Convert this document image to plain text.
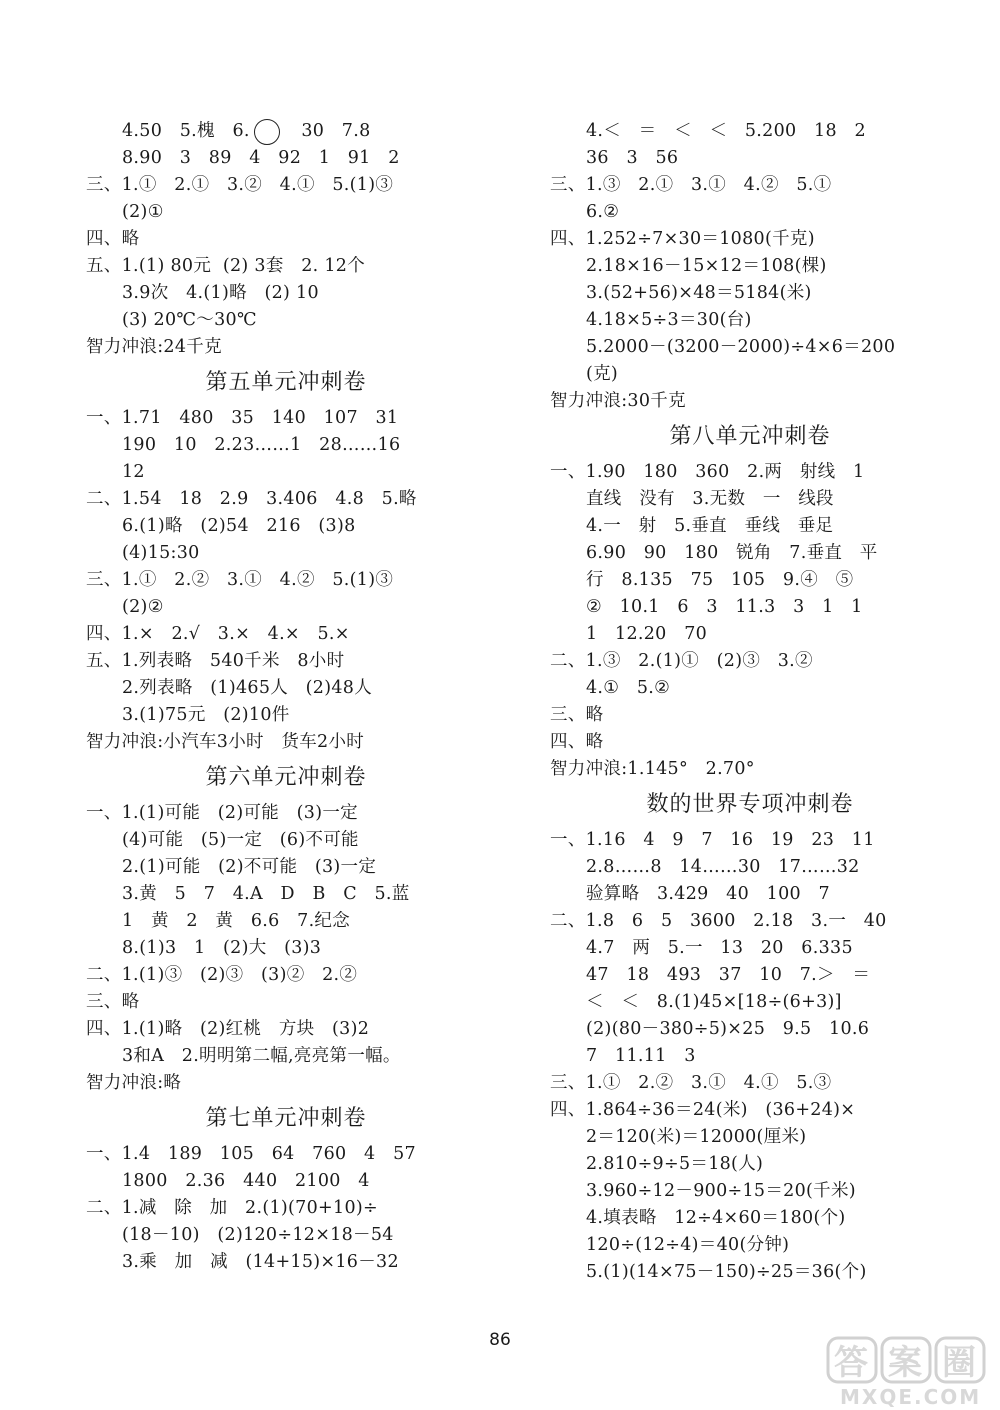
4.50   5.槐   6.   30   7.8
8.90   3   89   4   92   1   91   2
三、1.①   2.①   3.②   4.①   5.(1)③
(2)①
四、略
五、1.(1) 80元  (2) 3套   2. 12个
3.9次   4.(1)略   (2) 10
(3) 20℃～30℃
智力冲浪:24千克
第五单元冲刺卷
一、1.71   480   35   140   107   31
190   10   2.23……1   28……16
12
二、1.54   18   2.9   3.406   4.8   5.略
6.(1)略   (2)54   216   (3)8
(4)15:30
三、1.①   2.②   3.①   4.②   5.(1)③
(2)②
四、1.×   2.√   3.×   4.×   5.×
五、1.列表略   540千米   8小时
2.列表略   (1)465人   (2)48人
3.(1)75元   (2)10件
智力冲浪:小汽车3小时   货车2小时
第六单元冲刺卷
一、1.(1)可能   (2)可能   (3)一定
(4)可能   (5)一定   (6)不可能
2.(1)可能   (2)不可能   (3)一定
3.黄   5   7   4.A   D   B   C   5.蓝
1   黄   2   黄   6.6   7.纪念
8.(1)3   1   (2)大   (3)3
二、1.(1)③   (2)③   (3)②   2.②
三、略
四、1.(1)略   (2)红桃   方块   (3)2
3和A   2.明明第二幅,亮亮第一幅。
智力冲浪:略
第七单元冲刺卷
一、1.4   189   105   64   760   4   57
1800   2.36   440   2100   4
二、1.减   除   加   2.(1)(70+10)÷
(18－10)   (2)120÷12×18－54
3.乘   加   减   (14+15)×16－32
4.＜   ＝   ＜   ＜   5.200   18   2
36   3   56
三、1.③   2.①   3.①   4.②   5.①
6.②
四、1.252÷7×30＝1080(千克)
2.18×16－15×12＝108(棵)
3.(52+56)×48＝5184(米)
4.18×5÷3＝30(台)
5.2000－(3200－2000)÷4×6＝200
(克)
智力冲浪:30千克
第八单元冲刺卷
一、1.90   180   360   2.两   射线   1
直线   没有   3.无数   一   线段
4.一   射   5.垂直   垂线   垂足
6.90   90   180   锐角   7.垂直   平
行   8.135   75   105   9.④   ⑤
②   10.1   6   3   11.3   3   1   1
1   12.20   70
二、1.③   2.(1)①   (2)③   3.②
4.①   5.②
三、略
四、略
智力冲浪:1.145°   2.70°
数的世界专项冲刺卷
一、1.16   4   9   7   16   19   23   11
2.8……8   14……30   17……32
验算略   3.429   40   100   7
二、1.8   6   5   3600   2.18   3.一   40
4.7   两   5.一   13   20   6.335
47   18   493   37   10   7.＞   ＝
＜   ＜   8.(1)45×[18÷(6+3)]
(2)(80－380÷5)×25   9.5   10.6
7   11.11   3
三、1.①   2.②   3.①   4.①   5.③
四、1.864÷36＝24(米)   (36+24)×
2＝120(米)＝12000(厘米)
2.810÷9÷5＝18(人)
3.960÷12－900÷15＝20(千米)
4.填表略   12÷4×60＝180(个)
120÷(12÷4)＝40(分钟)
5.(1)(14×75－150)÷25＝36(个)
86
答 案 圈
MXQE.COM
